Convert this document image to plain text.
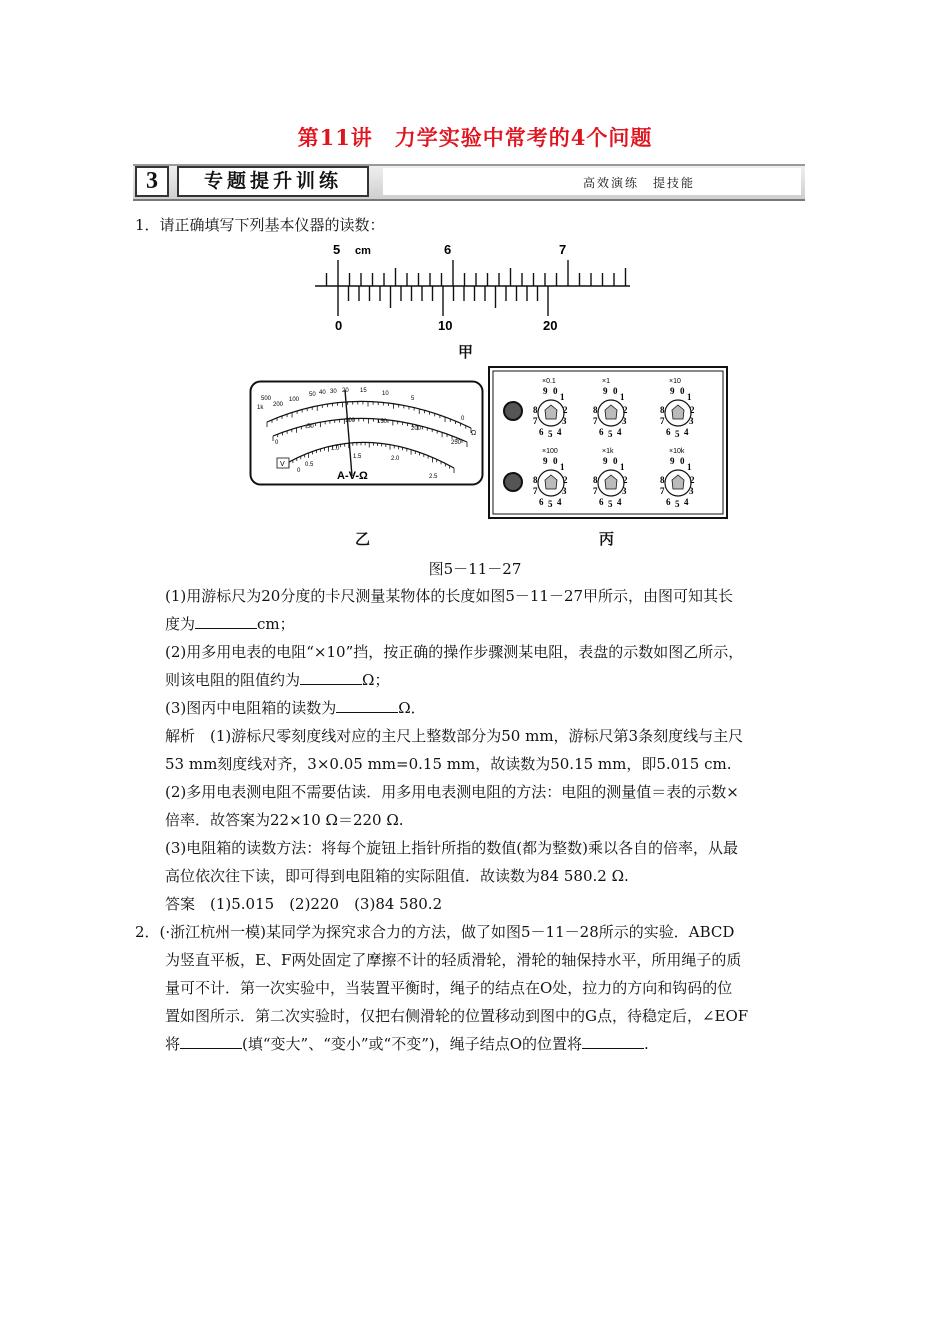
第11讲　力学实验中常考的4个问题
3	专题提升训练	高效演练　提技能
1．请正确填写下列基本仪器的读数：
5 cm	6	7
0	10	20
甲
500
1k 200
100
50 40 30 20 15	10
5
0
Ω
0
50
100	150
200
250
0
0.5
1.0
1.5	2.0
2.5
V
A-V-Ω
乙
×0.1
9 0
1
8	2
7	3
6 5 4
×1
9 0
1
8	2
7	3
6 5 4
×10
9 0
1
8	2
7	3
6 5 4
×100
9 0
1
8	2
7	3
6 5 4
×1k
9 0
1
8	2
7	3
6 5 4
×10k
9 0
1
8	2
7	3
6 5 4
丙
图5－11－27
(1)用游标尺为20分度的卡尺测量某物体的长度如图5－11－27甲所示，由图可知其长
度为	cm；
(2)用多用电表的电阻“×10”挡，按正确的操作步骤测某电阻，表盘的示数如图乙所示，
则该电阻的阻值约为	Ω；
(3)图丙中电阻箱的读数为	Ω．
解析　(1)游标尺零刻度线对应的主尺上整数部分为50 mm，游标尺第3条刻度线与主尺
53 mm刻度线对齐，3×0.05 mm=0.15 mm，故读数为50.15 mm，即5.015 cm.
(2)多用电表测电阻不需要估读．用多用电表测电阻的方法：电阻的测量值＝表的示数×
倍率．故答案为22×10 Ω＝220 Ω.
(3)电阻箱的读数方法：将每个旋钮上指针所指的数值(都为整数)乘以各自的倍率，从最
高位依次往下读，即可得到电阻箱的实际阻值．故读数为84 580.2 Ω.
答案　(1)5.015　(2)220　(3)84 580.2
2．(·浙江杭州一模)某同学为探究求合力的方法，做了如图5－11－28所示的实验．ABCD
为竖直平板，E、F两处固定了摩擦不计的轻质滑轮，滑轮的轴保持水平，所用绳子的质
量可不计．第一次实验中，当装置平衡时，绳子的结点在O处，拉力的方向和钩码的位
置如图所示．第二次实验时，仅把右侧滑轮的位置移动到图中的G点，待稳定后，∠EOF
将	(填“变大”、“变小”或“不变”)，绳子结点O的位置将	.
